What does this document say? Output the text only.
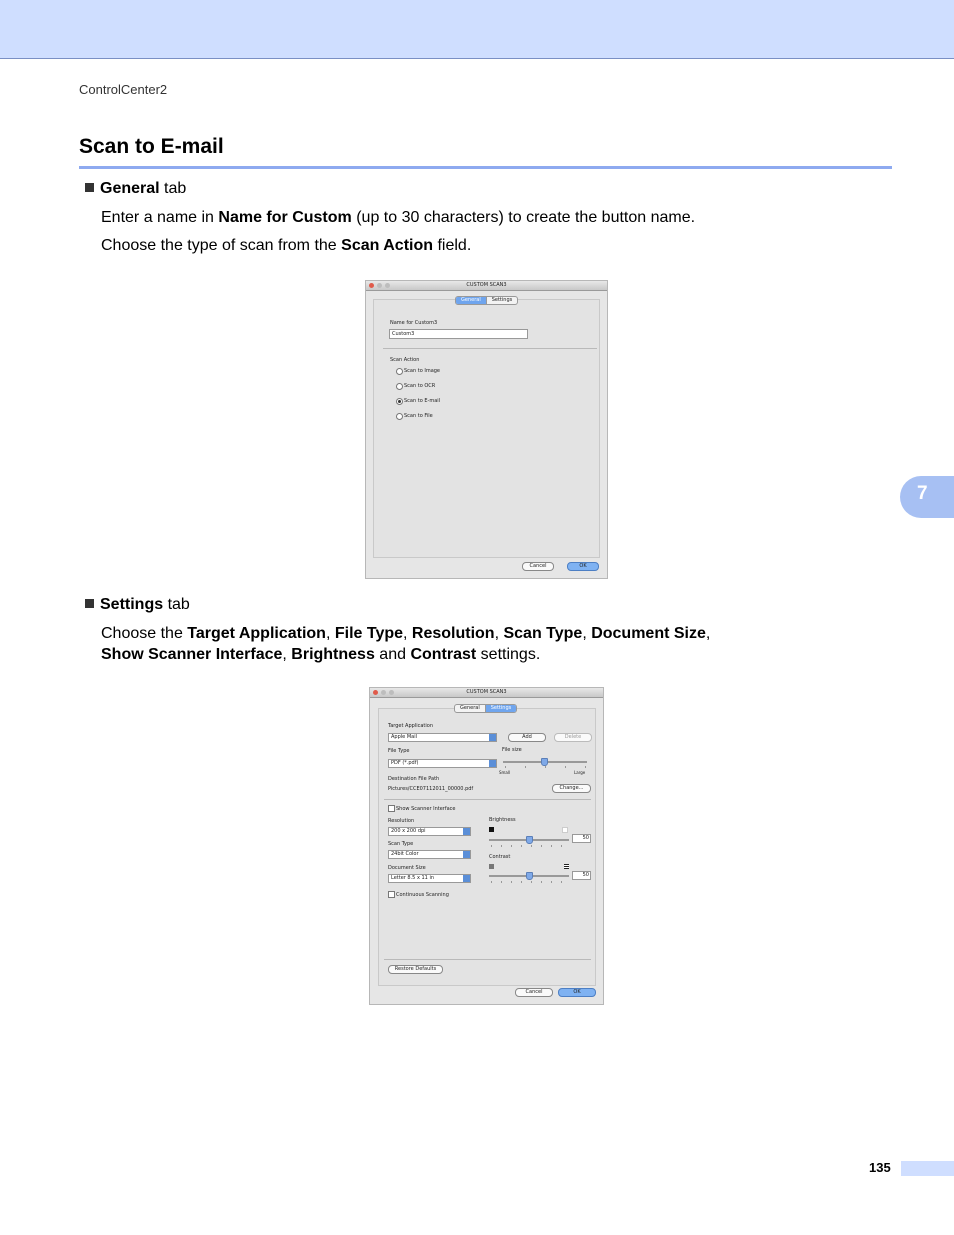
ControlCenter2
Scan to E-mail
7
General tab
Enter a name in Name for Custom (up to 30 characters) to create the button name.
Choose the type of scan from the Scan Action field.
CUSTOM SCAN3
General	Settings
Name for Custom3
Custom3
Scan Action
Scan to Image
Scan to OCR
Scan to E-mail
Scan to File
Cancel	OK
Settings tab
Choose the Target Application, File Type, Resolution, Scan Type, Document Size,
Show Scanner Interface, Brightness and Contrast settings.
CUSTOM SCAN3
General	Settings
Target Application
Apple Mail	Add	Delete
File Type
PDF (*.pdf)
File size
Small	Large
Destination File Path
Pictures/CCE07112011_00000.pdf	Change...
Show Scanner Interface
Resolution
200 x 200 dpi
Scan Type
24bit Color
Document Size
Letter 8.5 x 11 in
Continuous Scanning
Brightness
50
Contrast
50
Restore Defaults
Cancel	OK
135
